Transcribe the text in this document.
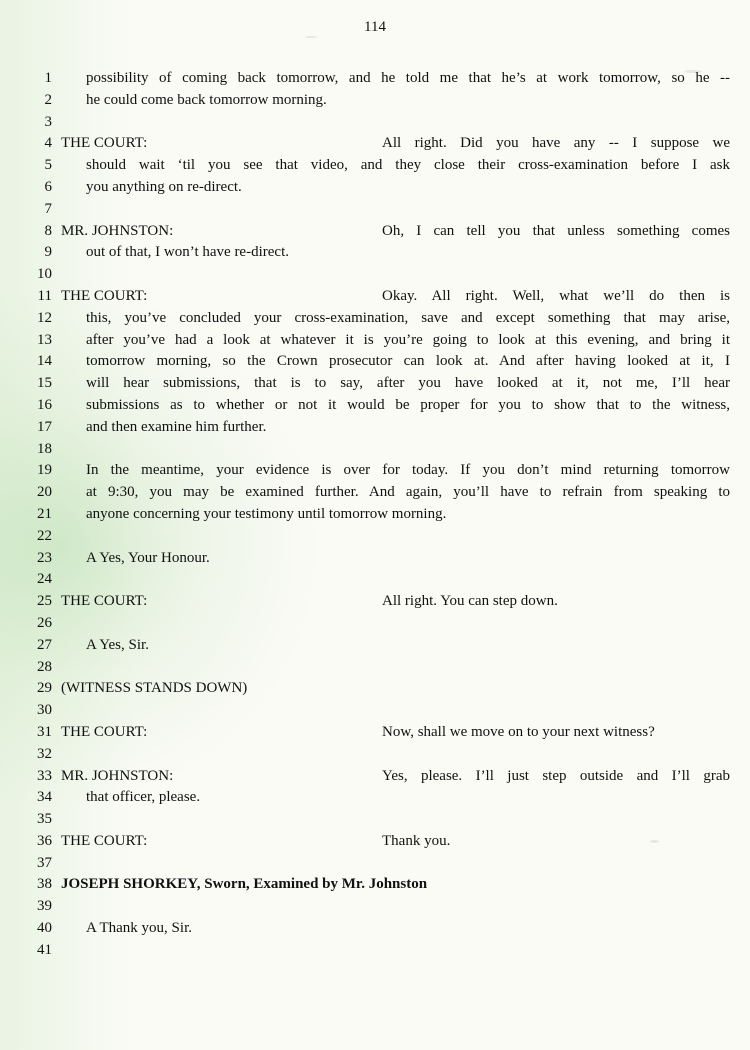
114
1 possibility of coming back tomorrow, and he told me that he’s at work tomorrow, so he --
2 he could come back tomorrow morning.
3
4 THE COURT:	All right. Did you have any -- I suppose we
5 should wait ‘til you see that video, and they close their cross-examination before I ask
6 you anything on re-direct.
7
8 MR. JOHNSTON:	Oh, I can tell you that unless something comes
9 out of that, I won’t have re-direct.
10
11 THE COURT:	Okay. All right. Well, what we’ll do then is
12 this, you’ve concluded your cross-examination, save and except something that may arise,
13 after you’ve had a look at whatever it is you’re going to look at this evening, and bring it
14 tomorrow morning, so the Crown prosecutor can look at. And after having looked at it, I
15 will hear submissions, that is to say, after you have looked at it, not me, I’ll hear
16 submissions as to whether or not it would be proper for you to show that to the witness,
17 and then examine him further.
18
19 In the meantime, your evidence is over for today. If you don’t mind returning tomorrow
20 at 9:30, you may be examined further. And again, you’ll have to refrain from speaking to
21 anyone concerning your testimony until tomorrow morning.
22
23 A Yes, Your Honour.
24
25 THE COURT:	All right. You can step down.
26
27 A Yes, Sir.
28
29 (WITNESS STANDS DOWN)
30
31 THE COURT:	Now, shall we move on to your next witness?
32
33 MR. JOHNSTON:	Yes, please. I’ll just step outside and I’ll grab
34 that officer, please.
35
36 THE COURT:	Thank you.
37
38 JOSEPH SHORKEY, Sworn, Examined by Mr. Johnston
39
40 A Thank you, Sir.
41
